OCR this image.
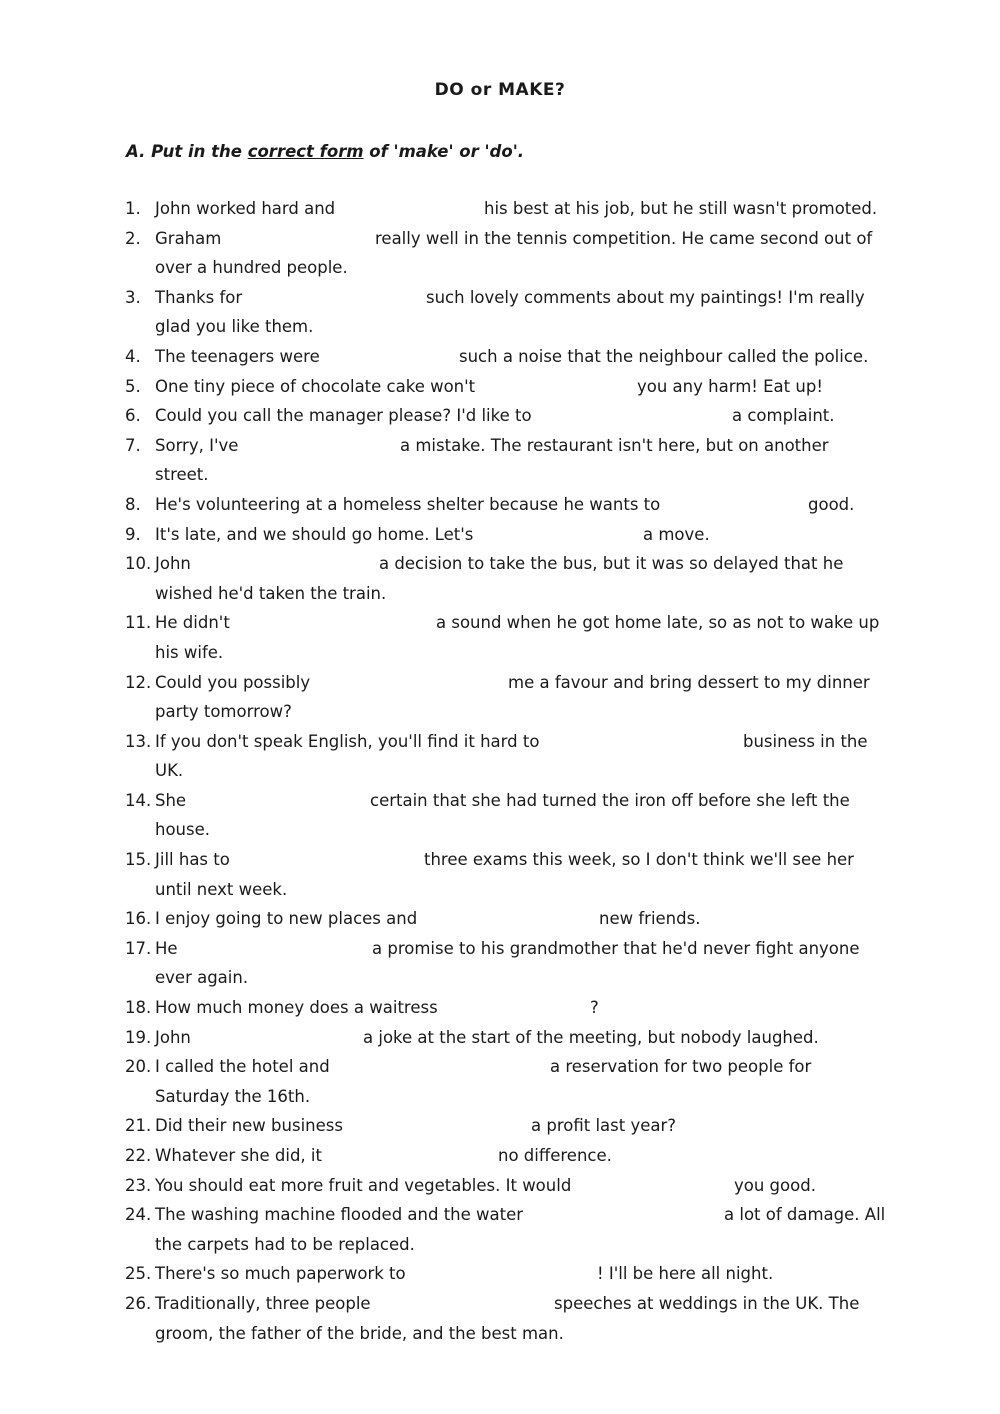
DO or MAKE?
A. Put in the correct form of 'make' or 'do'.
1. John worked hard and	his best at his job, but he still wasn't promoted.
2. Graham	really well in the tennis competition. He came second out of
over a hundred people.
3. Thanks for	such lovely comments about my paintings! I'm really
glad you like them.
4. The teenagers were	such a noise that the neighbour called the police.
5. One tiny piece of chocolate cake won't	you any harm! Eat up!
6. Could you call the manager please? I'd like to	a complaint.
7. Sorry, I've	a mistake. The restaurant isn't here, but on another
street.
8. He's volunteering at a homeless shelter because he wants to	good.
9. It's late, and we should go home. Let's	a move.
10. John	a decision to take the bus, but it was so delayed that he
wished he'd taken the train.
11. He didn't	a sound when he got home late, so as not to wake up
his wife.
12. Could you possibly	me a favour and bring dessert to my dinner
party tomorrow?
13. If you don't speak English, you'll find it hard to	business in the
UK.
14. She	certain that she had turned the iron off before she left the
house.
15. Jill has to	three exams this week, so I don't think we'll see her
until next week.
16. I enjoy going to new places and	new friends.
17. He	a promise to his grandmother that he'd never fight anyone
ever again.
18. How much money does a waitress	?
19. John	a joke at the start of the meeting, but nobody laughed.
20. I called the hotel and	a reservation for two people for
Saturday the 16th.
21. Did their new business	a profit last year?
22. Whatever she did, it	no difference.
23. You should eat more fruit and vegetables. It would	you good.
24. The washing machine flooded and the water	a lot of damage. All
the carpets had to be replaced.
25. There's so much paperwork to	! I'll be here all night.
26. Traditionally, three people	speeches at weddings in the UK. The
groom, the father of the bride, and the best man.
